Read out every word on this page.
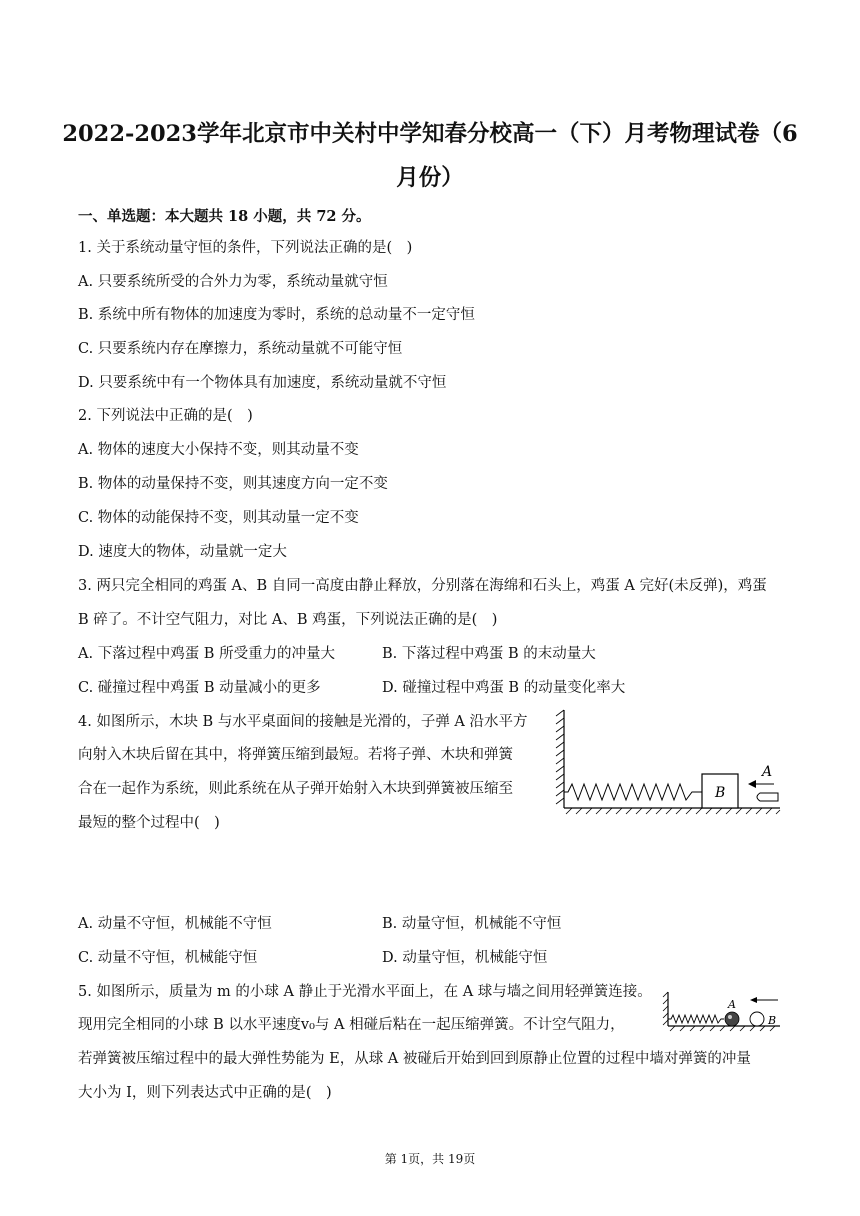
2022-2023学年北京市中关村中学知春分校高一（下）月考物理试卷（6月份）
一、单选题：本大题共 18 小题，共 72 分。
1. 关于系统动量守恒的条件，下列说法正确的是(　)
A. 只要系统所受的合外力为零，系统动量就守恒
B. 系统中所有物体的加速度为零时，系统的总动量不一定守恒
C. 只要系统内存在摩擦力，系统动量就不可能守恒
D. 只要系统中有一个物体具有加速度，系统动量就不守恒
2. 下列说法中正确的是(　)
A. 物体的速度大小保持不变，则其动量不变
B. 物体的动量保持不变，则其速度方向一定不变
C. 物体的动能保持不变，则其动量一定不变
D. 速度大的物体，动量就一定大
3. 两只完全相同的鸡蛋 A、B 自同一高度由静止释放，分别落在海绵和石头上，鸡蛋 A 完好(未反弹)，鸡蛋
B 碎了。不计空气阻力，对比 A、B 鸡蛋，下列说法正确的是(　)
A. 下落过程中鸡蛋 B 所受重力的冲量大	B. 下落过程中鸡蛋 B 的末动量大
C. 碰撞过程中鸡蛋 B 动量减小的更多	D. 碰撞过程中鸡蛋 B 的动量变化率大
4. 如图所示，木块 B 与水平桌面间的接触是光滑的，子弹 A 沿水平方
向射入木块后留在其中，将弹簧压缩到最短。若将子弹、木块和弹簧
合在一起作为系统，则此系统在从子弹开始射入木块到弹簧被压缩至
最短的整个过程中(　)
B
A
A. 动量不守恒，机械能不守恒	B. 动量守恒，机械能不守恒
C. 动量不守恒，机械能守恒	D. 动量守恒，机械能守恒
5. 如图所示，质量为 m 的小球 A 静止于光滑水平面上，在 A 球与墙之间用轻弹簧连接。
现用完全相同的小球 B 以水平速度v₀与 A 相碰后粘在一起压缩弹簧。不计空气阻力，
若弹簧被压缩过程中的最大弹性势能为 E，从球 A 被碰后开始到回到原静止位置的过程中墙对弹簧的冲量
大小为 I，则下列表达式中正确的是(　)
A
B
第 1页，共 19页
